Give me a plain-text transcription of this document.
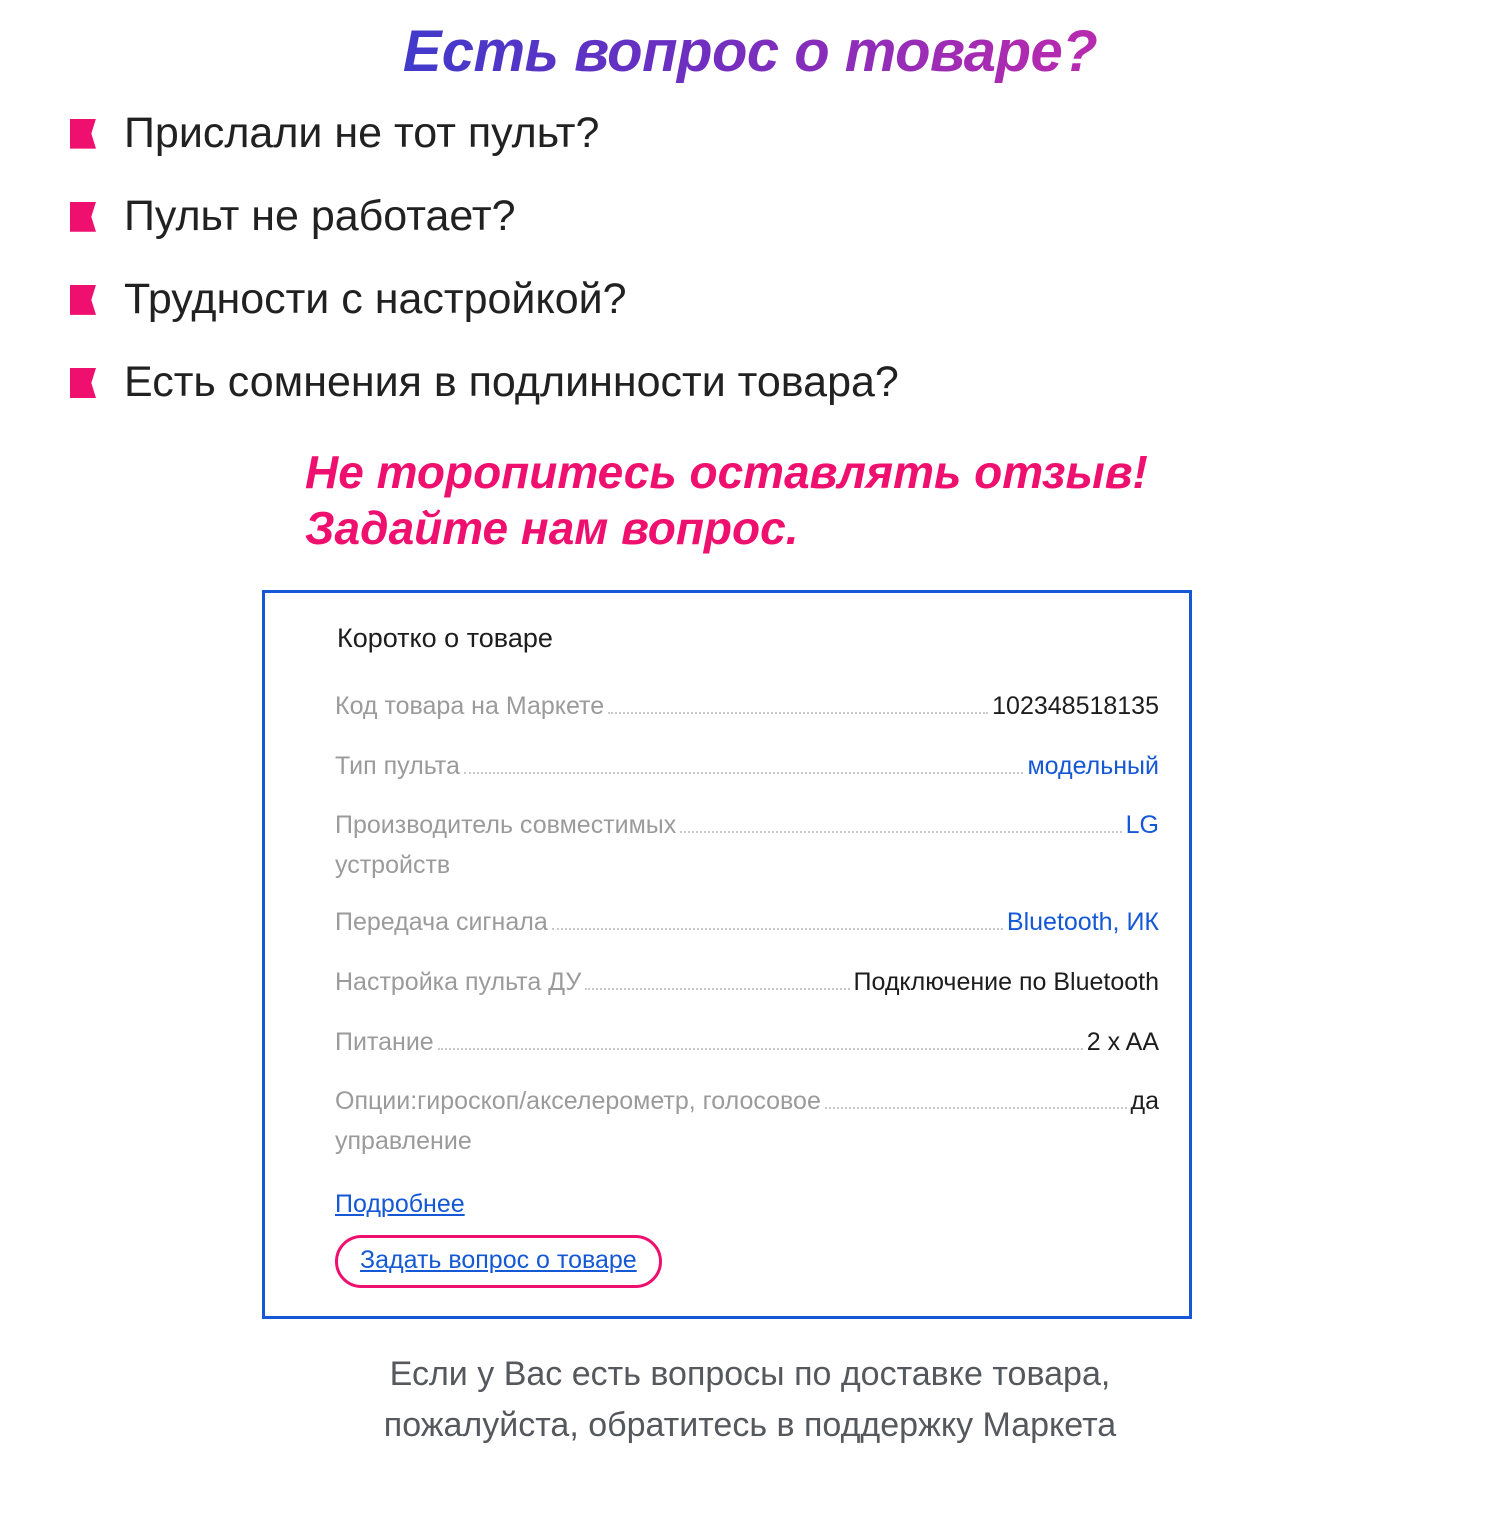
Есть вопрос о товаре?
Прислали не тот пульт?
Пульт не работает?
Трудности с настройкой?
Есть сомнения в подлинности товара?
Не торопитесь оставлять отзыв!
Задайте нам вопрос.
Коротко о товаре
Код товара на Маркете	102348518135
Тип пульта	модельный
Производитель совместимых	LG
устройств
Передача сигнала	Bluetooth, ИК
Настройка пульта ДУ	Подключение по Bluetooth
Питание	2 x AA
Опции:гироскоп/акселерометр, голосовое	да
управление
Подробнее
Задать вопрос о товаре
Если у Вас есть вопросы по доставке товара,
пожалуйста, обратитесь в поддержку Маркета
